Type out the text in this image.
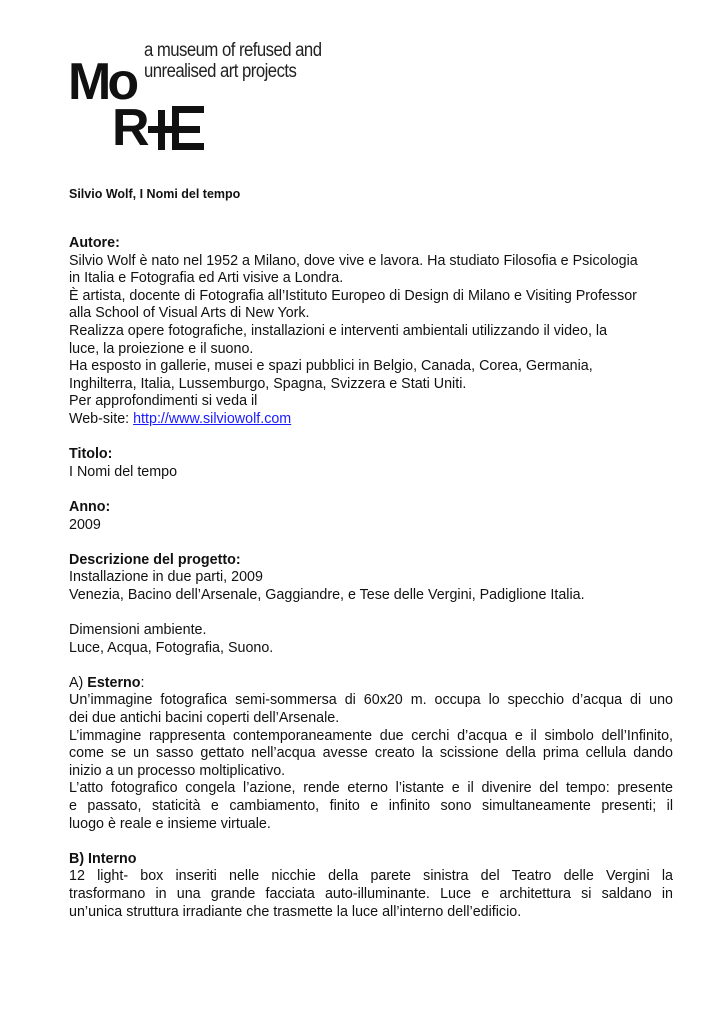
a museum of refused and
unrealised art projects
Mo
R
Silvio Wolf, I Nomi del tempo

Autore:

Silvio Wolf è nato nel 1952 a Milano, dove vive e lavora. Ha studiato Filosofia e Psicologia

in Italia e Fotografia ed Arti visive a Londra.

È artista, docente di Fotografia all’Istituto Europeo di Design di Milano e Visiting Professor

alla School of Visual Arts di New York.

Realizza opere fotografiche, installazioni e interventi ambientali utilizzando il video, la

luce, la proiezione e il suono.

Ha esposto in gallerie, musei e spazi pubblici in Belgio, Canada, Corea, Germania,

Inghilterra, Italia, Lussemburgo, Spagna, Svizzera e Stati Uniti.

Per approfondimenti si veda il

Web-site: http://www.silviowolf.com

Titolo:

I Nomi del tempo

Anno:

2009

Descrizione del progetto:

Installazione in due parti, 2009

Venezia, Bacino dell’Arsenale, Gaggiandre, e Tese delle Vergini, Padiglione Italia.

Dimensioni ambiente.

Luce, Acqua, Fotografia, Suono.

A) Esterno:

Un’immagine fotografica semi-sommersa di 60x20 m. occupa lo specchio d’acqua di uno

dei due antichi bacini coperti dell’Arsenale.

L’immagine rappresenta contemporaneamente due cerchi d’acqua e il simbolo dell’Infinito,

come se un sasso gettato nell’acqua avesse creato la scissione della prima cellula dando

inizio a un processo moltiplicativo.

L’atto fotografico congela l’azione, rende eterno l’istante e il divenire del tempo: presente

e passato, staticità e cambiamento, finito e infinito sono simultaneamente presenti; il

luogo è reale e insieme virtuale.

B) Interno

12 light- box inseriti nelle nicchie della parete sinistra del Teatro delle Vergini la

trasformano in una grande facciata auto-illuminante. Luce e architettura si saldano in

un’unica struttura irradiante che trasmette la luce all’interno dell’edificio.
